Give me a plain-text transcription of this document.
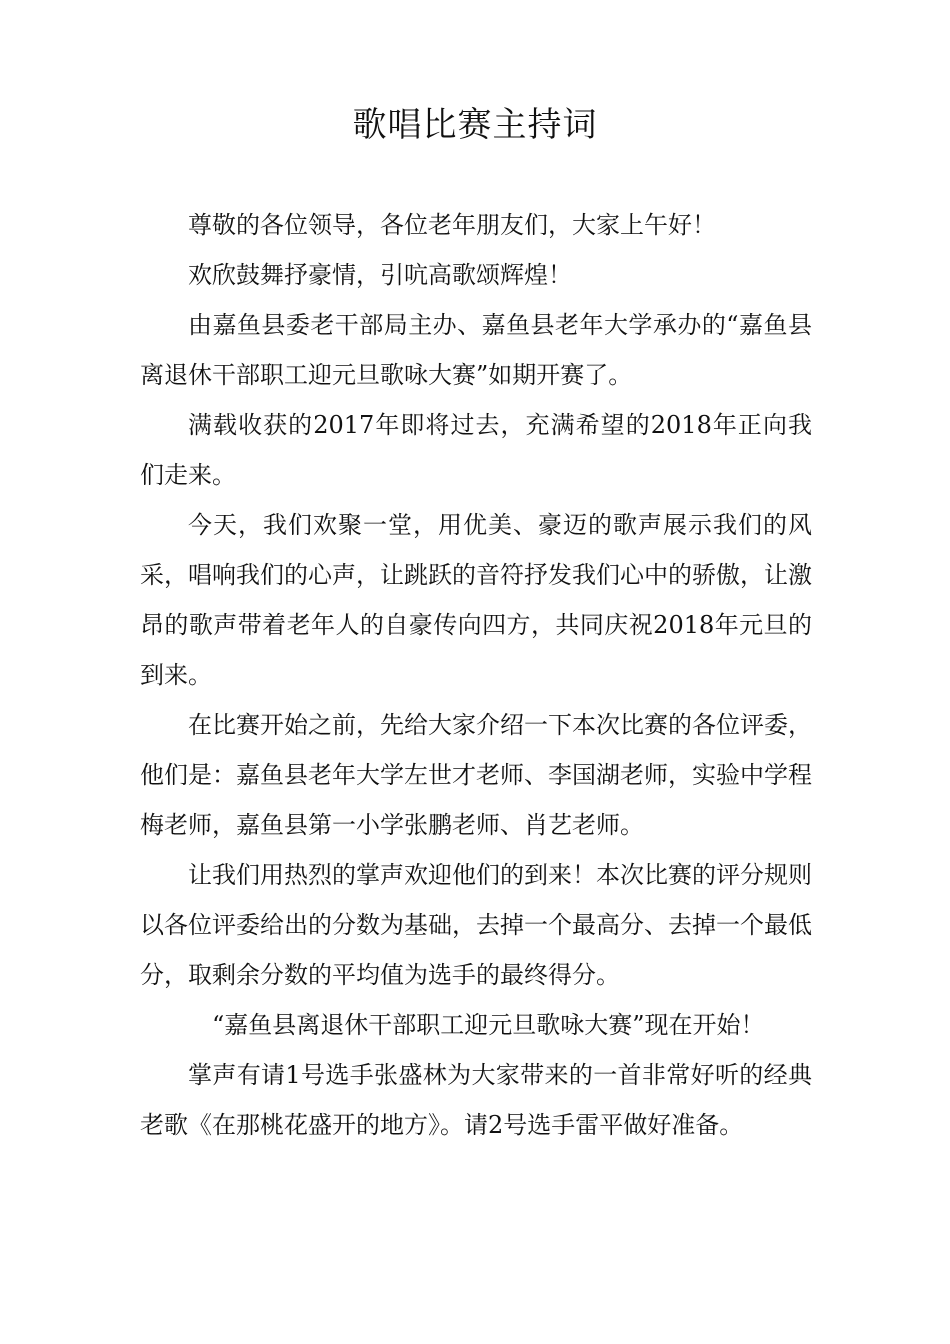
歌唱比赛主持词

尊敬的各位领导，各位老年朋友们，大家上午好！

欢欣鼓舞抒豪情，引吭高歌颂辉煌！

由嘉鱼县委老干部局主办、嘉鱼县老年大学承办的“嘉鱼县离退休干部职工迎元旦歌咏大赛”如期开赛了。

满载收获的2017年即将过去，充满希望的2018年正向我们走来。

今天，我们欢聚一堂，用优美、豪迈的歌声展示我们的风采，唱响我们的心声，让跳跃的音符抒发我们心中的骄傲，让激昂的歌声带着老年人的自豪传向四方，共同庆祝2018年元旦的到来。

在比赛开始之前，先给大家介绍一下本次比赛的各位评委，他们是：嘉鱼县老年大学左世才老师、李国湖老师，实验中学程梅老师，嘉鱼县第一小学张鹏老师、肖艺老师。

让我们用热烈的掌声欢迎他们的到来！本次比赛的评分规则以各位评委给出的分数为基础，去掉一个最高分、去掉一个最低分，取剩余分数的平均值为选手的最终得分。

“嘉鱼县离退休干部职工迎元旦歌咏大赛”现在开始！

掌声有请1号选手张盛林为大家带来的一首非常好听的经典老歌《在那桃花盛开的地方》。请2号选手雷平做好准备。
